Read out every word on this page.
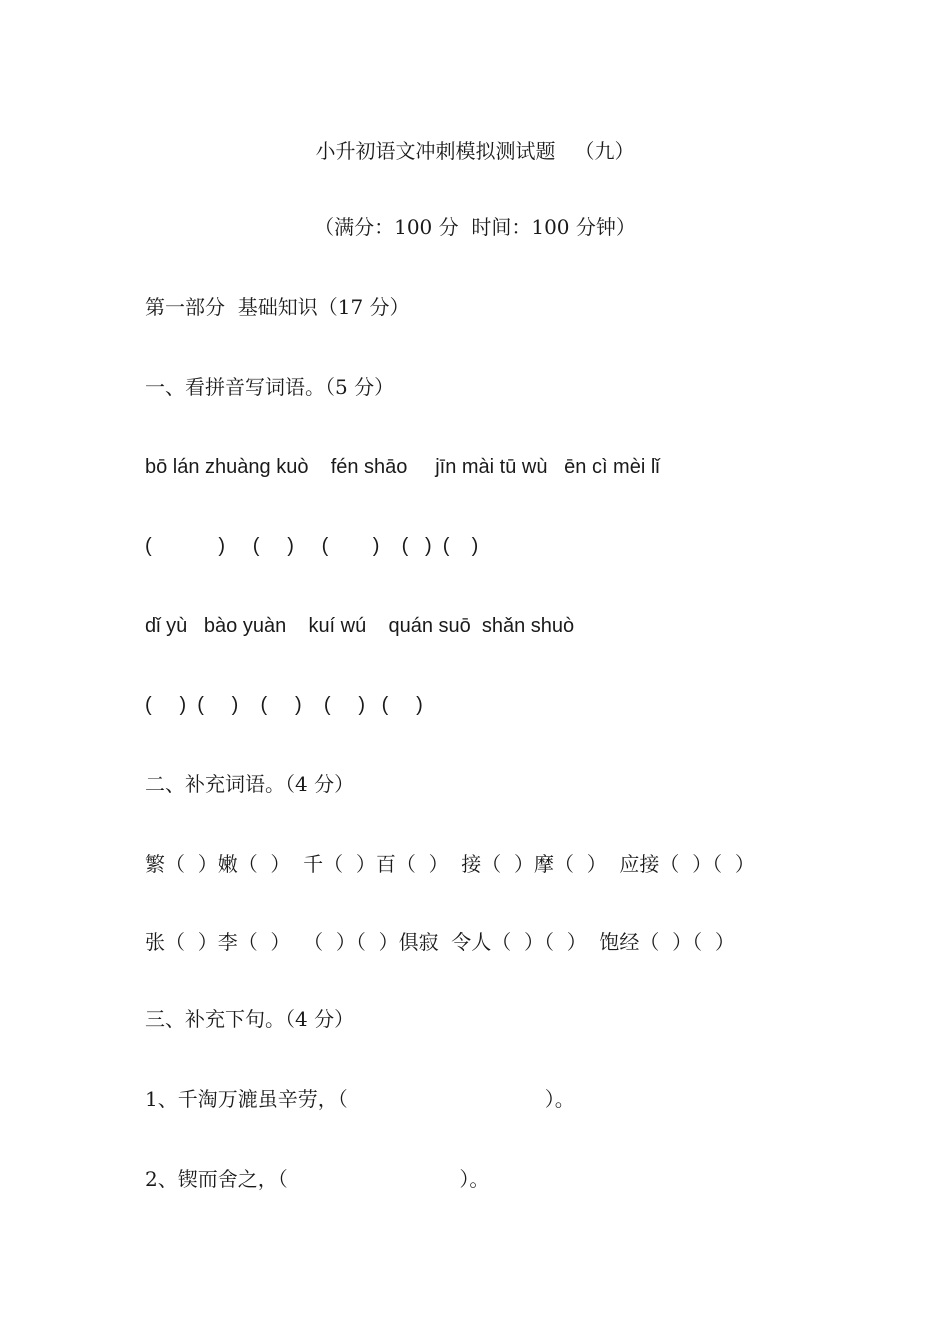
小升初语文冲刺模拟测试题   （九）
（满分：100 分  时间：100 分钟）
第一部分  基础知识（17 分）
一、看拼音写词语。（5 分）
bō lán zhuàng kuò    fén shāo     jīn mài tū wù   ēn cì mèi lǐ
(            )     (     )     (        )    (   )  (    )
dǐ yù   bào yuàn    kuí wú    quán suō  shǎn shuò
(     )  (     )    (     )    (     )   (     )
二、补充词语。（4 分）
繁（  ）嫩（  ）  千（  ）百（  ）  接（  ）摩（  ）  应接（  ）（  ）
张（  ）李（  ）  （  ）（  ）俱寂  令人（  ）（  ）  饱经（  ）（  ）
三、补充下句。（4 分）
1、千淘万漉虽辛劳，（                               ）。
2、锲而舍之，（                           ）。
